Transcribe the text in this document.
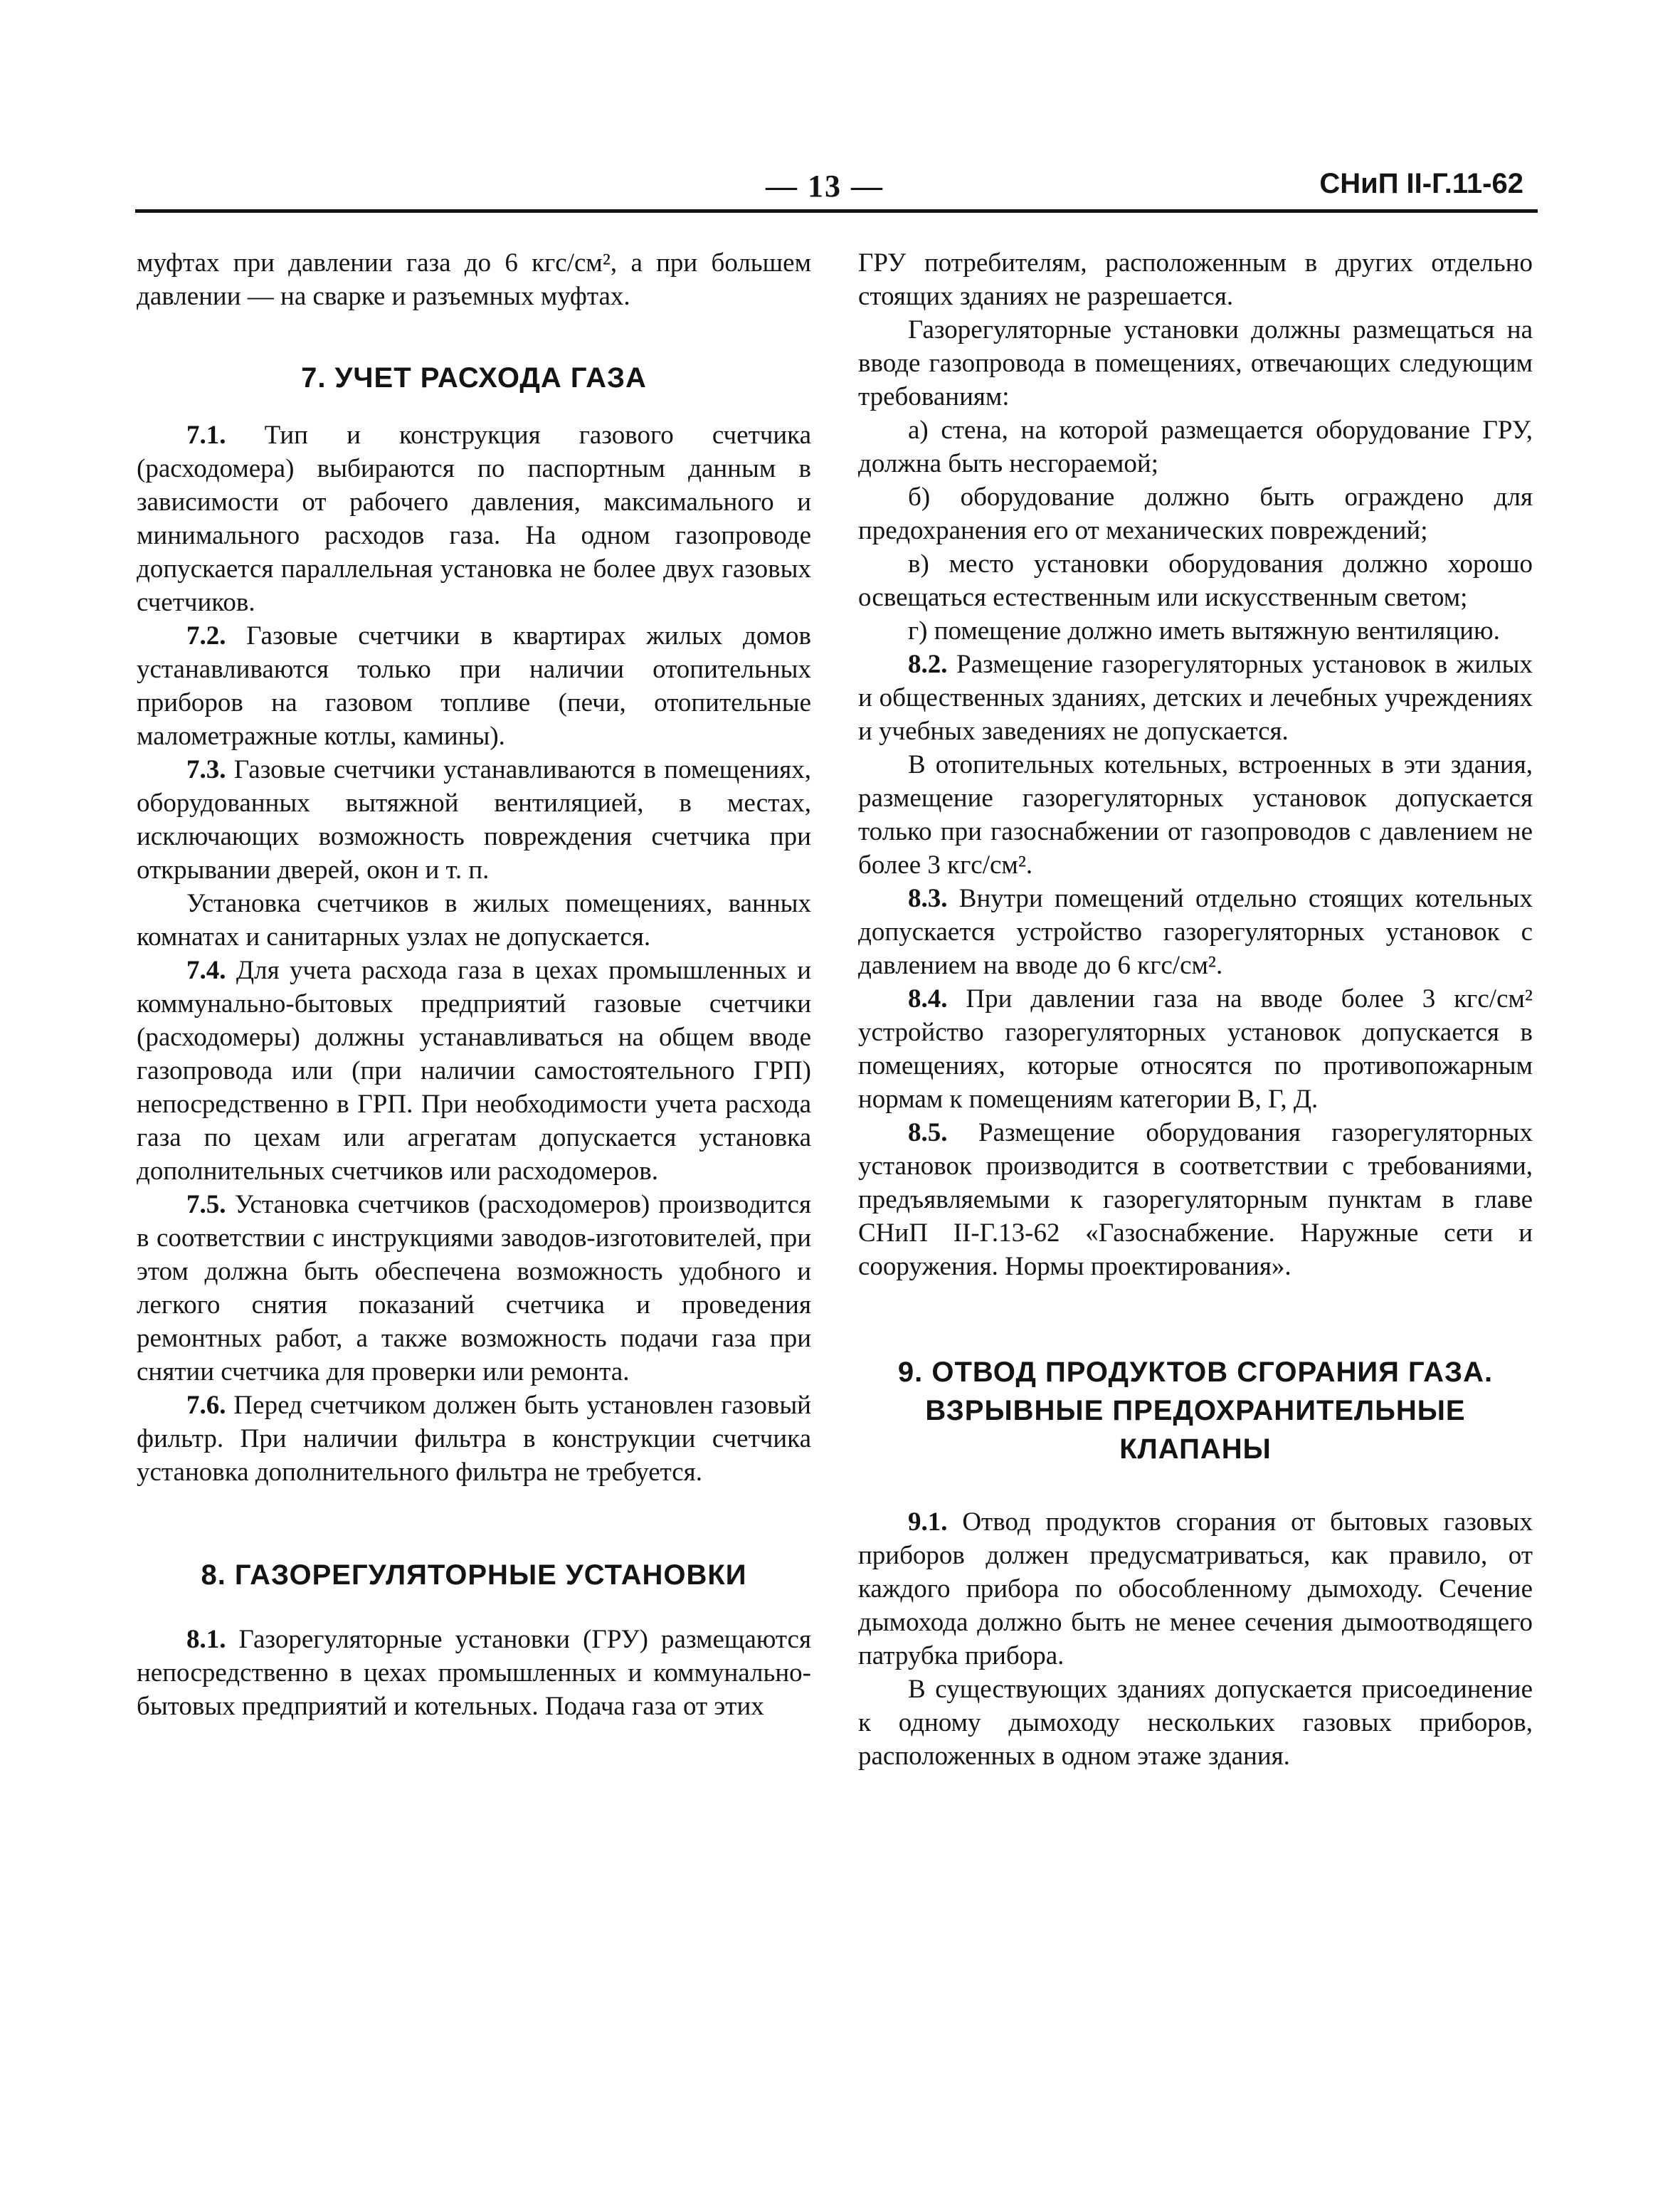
— 13 —	СНиП II-Г.11-62

муфтах при давлении газа до 6 кгс/см², а при большем давлении — на сварке и разъемных муфтах.

7. УЧЕТ РАСХОДА ГАЗА

7.1. Тип и конструкция газового счетчика (расходомера) выбираются по паспортным данным в зависимости от рабочего давления, максимального и минимального расходов газа. На одном газопроводе допускается параллельная установка не более двух газовых счетчиков.

7.2. Газовые счетчики в квартирах жилых домов устанавливаются только при наличии отопительных приборов на газовом топливе (печи, отопительные малометражные котлы, камины).

7.3. Газовые счетчики устанавливаются в помещениях, оборудованных вытяжной вентиляцией, в местах, исключающих возможность повреждения счетчика при открывании дверей, окон и т. п.

Установка счетчиков в жилых помещениях, ванных комнатах и санитарных узлах не допускается.

7.4. Для учета расхода газа в цехах промышленных и коммунально-бытовых предприятий газовые счетчики (расходомеры) должны устанавливаться на общем вводе газопровода или (при наличии самостоятельного ГРП) непосредственно в ГРП. При необходимости учета расхода газа по цехам или агрегатам допускается установка дополнительных счетчиков или расходомеров.

7.5. Установка счетчиков (расходомеров) производится в соответствии с инструкциями заводов-изготовителей, при этом должна быть обеспечена возможность удобного и легкого снятия показаний счетчика и проведения ремонтных работ, а также возможность подачи газа при снятии счетчика для проверки или ремонта.

7.6. Перед счетчиком должен быть установлен газовый фильтр. При наличии фильтра в конструкции счетчика установка дополнительного фильтра не требуется.

8. ГАЗОРЕГУЛЯТОРНЫЕ УСТАНОВКИ

8.1. Газорегуляторные установки (ГРУ) размещаются непосредственно в цехах промышленных и коммунально-бытовых предприятий и котельных. Подача газа от этих

ГРУ потребителям, расположенным в других отдельно стоящих зданиях не разрешается.

Газорегуляторные установки должны размещаться на вводе газопровода в помещениях, отвечающих следующим требованиям:

а) стена, на которой размещается оборудование ГРУ, должна быть несгораемой;

б) оборудование должно быть ограждено для предохранения его от механических повреждений;

в) место установки оборудования должно хорошо освещаться естественным или искусственным светом;

г) помещение должно иметь вытяжную вентиляцию.

8.2. Размещение газорегуляторных установок в жилых и общественных зданиях, детских и лечебных учреждениях и учебных заведениях не допускается.

В отопительных котельных, встроенных в эти здания, размещение газорегуляторных установок допускается только при газоснабжении от газопроводов с давлением не более 3 кгс/см².

8.3. Внутри помещений отдельно стоящих котельных допускается устройство газорегуляторных установок с давлением на вводе до 6 кгс/см².

8.4. При давлении газа на вводе более 3 кгс/см² устройство газорегуляторных установок допускается в помещениях, которые относятся по противопожарным нормам к помещениям категории В, Г, Д.

8.5. Размещение оборудования газорегуляторных установок производится в соответствии с требованиями, предъявляемыми к газорегуляторным пунктам в главе СНиП II-Г.13-62 «Газоснабжение. Наружные сети и сооружения. Нормы проектирования».

9. ОТВОД ПРОДУКТОВ СГОРАНИЯ ГАЗА.
ВЗРЫВНЫЕ ПРЕДОХРАНИТЕЛЬНЫЕ
КЛАПАНЫ

9.1. Отвод продуктов сгорания от бытовых газовых приборов должен предусматриваться, как правило, от каждого прибора по обособленному дымоходу. Сечение дымохода должно быть не менее сечения дымоотводящего патрубка прибора.

В существующих зданиях допускается присоединение к одному дымоходу нескольких газовых приборов, расположенных в одном этаже здания.
